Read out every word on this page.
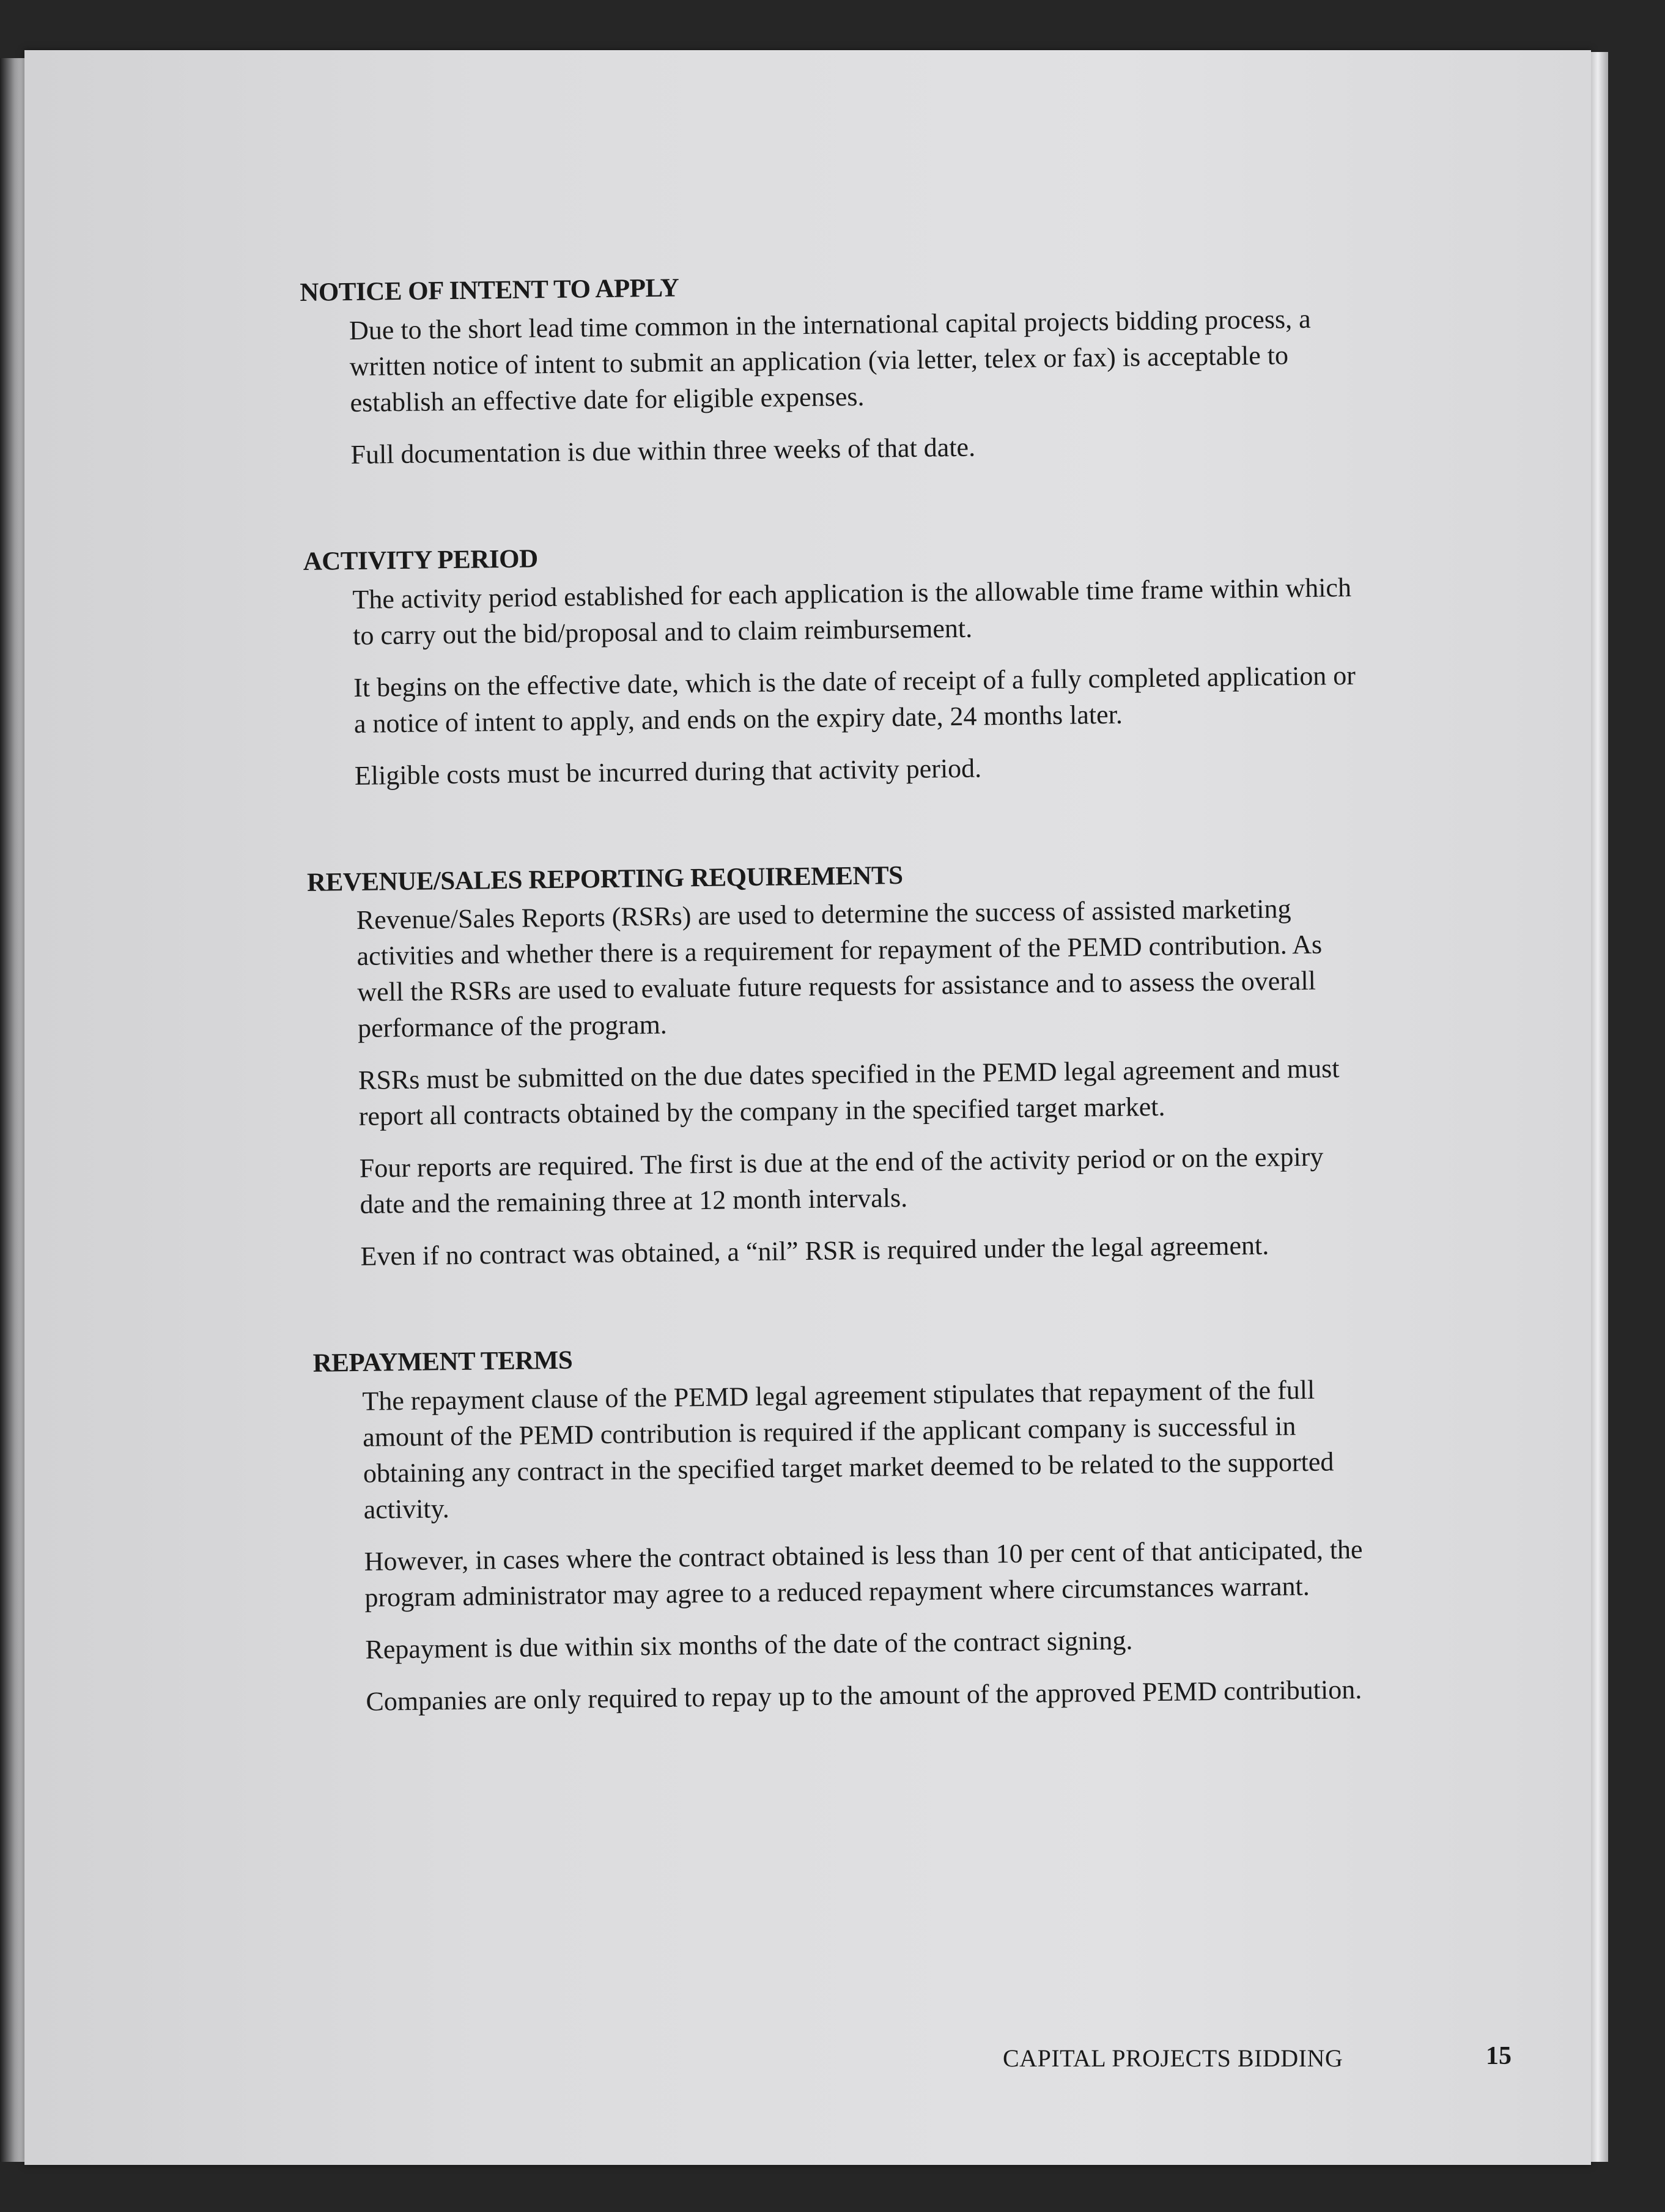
NOTICE OF INTENT TO APPLY

Due to the short lead time common in the international capital projects bidding process, a written notice of intent to submit an application (via letter, telex or fax) is acceptable to establish an effective date for eligible expenses.

Full documentation is due within three weeks of that date.

ACTIVITY PERIOD

The activity period established for each application is the allowable time frame within which to carry out the bid/proposal and to claim reimbursement.

It begins on the effective date, which is the date of receipt of a fully completed application or a notice of intent to apply, and ends on the expiry date, 24 months later.

Eligible costs must be incurred during that activity period.

REVENUE/SALES REPORTING REQUIREMENTS

Revenue/Sales Reports (RSRs) are used to determine the success of assisted marketing activities and whether there is a requirement for repayment of the PEMD contribution. As well the RSRs are used to evaluate future requests for assistance and to assess the overall performance of the program.

RSRs must be submitted on the due dates specified in the PEMD legal agreement and must report all contracts obtained by the company in the specified target market.

Four reports are required. The first is due at the end of the activity period or on the expiry date and the remaining three at 12 month intervals.

Even if no contract was obtained, a “nil” RSR is required under the legal agreement.

REPAYMENT TERMS

The repayment clause of the PEMD legal agreement stipulates that repayment of the full amount of the PEMD contribution is required if the applicant company is successful in obtaining any contract in the specified target market deemed to be related to the supported activity.

However, in cases where the contract obtained is less than 10 per cent of that anticipated, the program administrator may agree to a reduced repayment where circumstances warrant.

Repayment is due within six months of the date of the contract signing.

Companies are only required to repay up to the amount of the approved PEMD contribution.

CAPITAL PROJECTS BIDDING	15
